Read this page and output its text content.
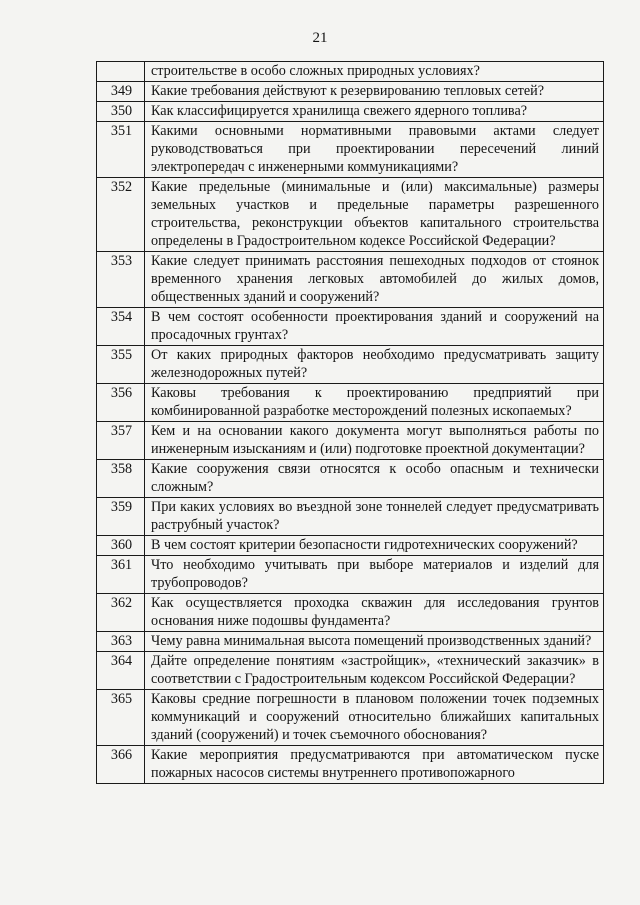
21
	строительстве в особо сложных природных условиях?
349	Какие требования действуют к резервированию тепловых сетей?
350	Как классифицируется хранилища свежего ядерного топлива?
351	Какими основными нормативными правовыми актами следует руководствоваться при проектировании пересечений линий электропередач с инженерными коммуникациями?
352	Какие предельные (минимальные и (или) максимальные) размеры земельных участков и предельные параметры разрешенного строительства, реконструкции объектов капитального строительства определены в Градостроительном кодексе Российской Федерации?
353	Какие следует принимать расстояния пешеходных подходов от стоянок временного хранения легковых автомобилей до жилых домов, общественных зданий и сооружений?
354	В чем состоят особенности проектирования зданий и сооружений на просадочных грунтах?
355	От каких природных факторов необходимо предусматривать защиту железнодорожных путей?
356	Каковы требования к проектированию предприятий при комбинированной разработке месторождений полезных ископаемых?
357	Кем и на основании какого документа могут выполняться работы по инженерным изысканиям и (или) подготовке проектной документации?
358	Какие сооружения связи относятся к особо опасным и технически сложным?
359	При каких условиях во въездной зоне тоннелей следует предусматривать раструбный участок?
360	В чем состоят критерии безопасности гидротехнических сооружений?
361	Что необходимо учитывать при выборе материалов и изделий для трубопроводов?
362	Как осуществляется проходка скважин для исследования грунтов основания ниже подошвы фундамента?
363	Чему равна минимальная высота помещений производственных зданий?
364	Дайте определение понятиям «застройщик», «технический заказчик» в соответствии с Градостроительным кодексом Российской Федерации?
365	Каковы средние погрешности в плановом положении точек подземных коммуникаций и сооружений относительно ближайших капитальных зданий (сооружений) и точек съемочного обоснования?
366	Какие мероприятия предусматриваются при автоматическом пуске пожарных насосов системы внутреннего противопожарного
